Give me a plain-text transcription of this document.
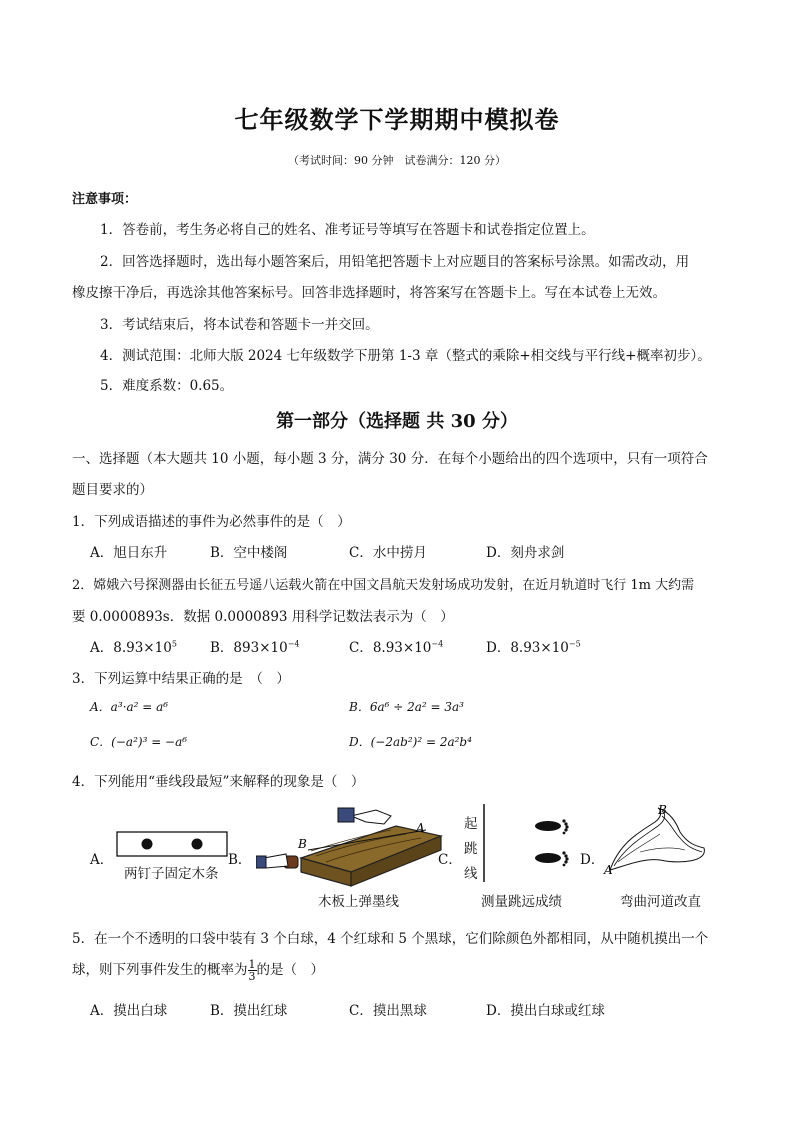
七年级数学下学期期中模拟卷
（考试时间：90 分钟　试卷满分：120 分）
注意事项：
1．答卷前，考生务必将自己的姓名、准考证号等填写在答题卡和试卷指定位置上。
2．回答选择题时，选出每小题答案后，用铅笔把答题卡上对应题目的答案标号涂黑。如需改动，用
橡皮擦干净后，再选涂其他答案标号。回答非选择题时，将答案写在答题卡上。写在本试卷上无效。
3．考试结束后，将本试卷和答题卡一并交回。
4．测试范围：北师大版 2024 七年级数学下册第 1-3 章（整式的乘除+相交线与平行线+概率初步）。
5．难度系数：0.65。
第一部分（选择题 共 30 分）
一、选择题（本大题共 10 小题，每小题 3 分，满分 30 分．在每个小题给出的四个选项中，只有一项符合
题目要求的）
1．下列成语描述的事件为必然事件的是（　）
A．旭日东升	B．空中楼阁	C．水中捞月	D．刻舟求剑
2．嫦娥六号探测器由长征五号遥八运载火箭在中国文昌航天发射场成功发射，在近月轨道时飞行 1m 大约需
要 0.0000893s．数据 0.0000893 用科学记数法表示为（　）
A．$8.93\times 10^5$ B．$893\times 10^{-4}$	C．$8.93\times 10^{-4}$	D．$8.93\times 10^{-5}$
3．下列运算中结果正确的是　（　）
A．a³·a² = a⁶	B．6a⁶ ÷ 2a² = 3a³
C．(−a²)³ = −a⁶	D．(−2ab²)² = 2a²b⁴
4．下列能用“垂线段最短”来解释的现象是（　）
A．
两钉子固定木条
B．
B
A
木板上弹墨线
C．
起跳线
测量跳远成绩
D．
B
A
弯曲河道改直
5．在一个不透明的口袋中装有 3 个白球，4 个红球和 5 个黑球，它们除颜色外都相同，从中随机摸出一个
球，则下列事件发生的概率为 $\frac{1}{3}$ 的是（　）
A．摸出白球	B．摸出红球	C．摸出黑球	D．摸出白球或红球
